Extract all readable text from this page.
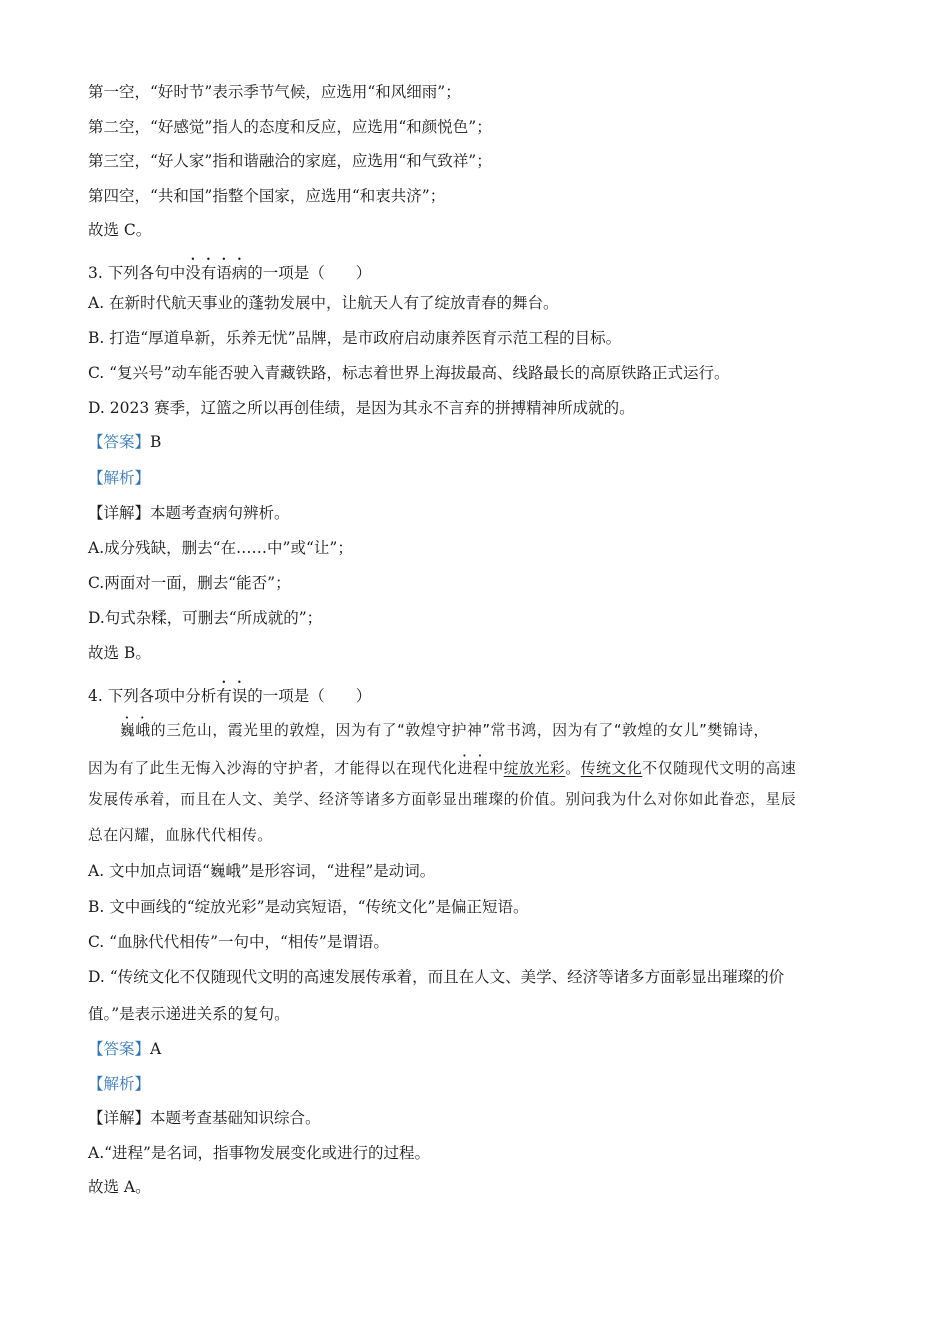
第一空，“好时节”表示季节气候，应选用“和风细雨”；
第二空，“好感觉”指人的态度和反应，应选用“和颜悦色”；
第三空，“好人家”指和谐融洽的家庭，应选用“和气致祥”；
第四空，“共和国”指整个国家，应选用“和衷共济”；
故选 C。
3. 下列各句中没有语病的一项是（　　）
A. 在新时代航天事业的蓬勃发展中，让航天人有了绽放青春的舞台。
B. 打造“厚道阜新，乐养无忧”品牌，是市政府启动康养医育示范工程的目标。
C. “复兴号”动车能否驶入青藏铁路，标志着世界上海拔最高、线路最长的高原铁路正式运行。
D. 2023 赛季，辽篮之所以再创佳绩，是因为其永不言弃的拼搏精神所成就的。
【答案】B
【解析】
【详解】本题考查病句辨析。
A.成分残缺，删去“在……中”或“让”；
C.两面对一面，删去“能否”；
D.句式杂糅，可删去“所成就的”；
故选 B。
4. 下列各项中分析有误的一项是（　　）
巍峨的三危山，霞光里的敦煌，因为有了“敦煌守护神”常书鸿，因为有了“敦煌的女儿”樊锦诗，
因为有了此生无悔入沙海的守护者，才能得以在现代化进程中绽放光彩。传统文化不仅随现代文明的高速
发展传承着，而且在人文、美学、经济等诸多方面彰显出璀璨的价值。别问我为什么对你如此眷恋，星辰
总在闪耀，血脉代代相传。
A. 文中加点词语“巍峨”是形容词，“进程”是动词。
B. 文中画线的“绽放光彩”是动宾短语，“传统文化”是偏正短语。
C. “血脉代代相传”一句中，“相传”是谓语。
D. “传统文化不仅随现代文明的高速发展传承着，而且在人文、美学、经济等诸多方面彰显出璀璨的价
值。”是表示递进关系的复句。
【答案】A
【解析】
【详解】本题考查基础知识综合。
A.“进程”是名词，指事物发展变化或进行的过程。
故选 A。
